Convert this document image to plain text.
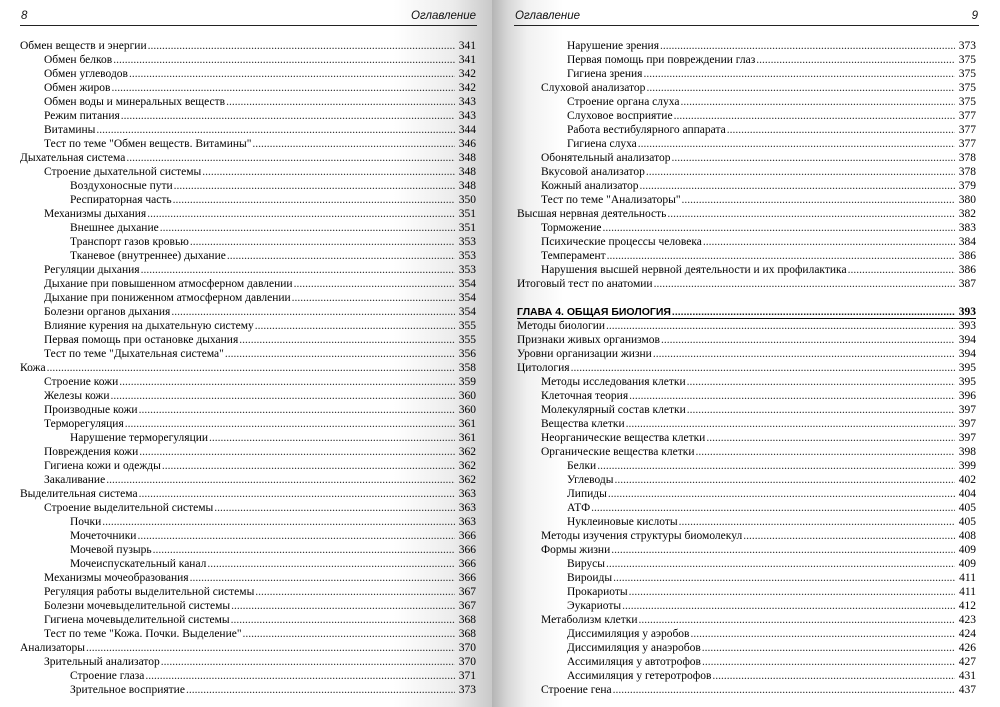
8	Оглавление
Обмен веществ и энергии .....	341
Обмен белков .....	341
Обмен углеводов .....	342
Обмен жиров .....	342
Обмен воды и минеральных веществ .....	343
Режим питания .....	343
Витамины .....	344
Тест по теме "Обмен веществ. Витамины" .....	346
Дыхательная система .....	348
Строение дыхательной системы .....	348
Воздухоносные пути .....	348
Респираторная часть .....	350
Механизмы дыхания .....	351
Внешнее дыхание .....	351
Транспорт газов кровью .....	353
Тканевое (внутреннее) дыхание .....	353
Регуляции дыхания .....	353
Дыхание при повышенном атмосферном давлении .....	354
Дыхание при пониженном атмосферном давлении .....	354
Болезни органов дыхания .....	354
Влияние курения на дыхательную систему .....	355
Первая помощь при остановке дыхания .....	355
Тест по теме "Дыхательная система" .....	356
Кожа .....	358
Строение кожи .....	359
Железы кожи .....	360
Производные кожи .....	360
Терморегуляция .....	361
Нарушение терморегуляции .....	361
Повреждения кожи .....	362
Гигиена кожи и одежды .....	362
Закаливание .....	362
Выделительная система .....	363
Строение выделительной системы .....	363
Почки .....	363
Мочеточники .....	366
Мочевой пузырь .....	366
Мочеиспускательный канал .....	366
Механизмы мочеобразования .....	366
Регуляция работы выделительной системы .....	367
Болезни мочевыделительной системы .....	367
Гигиена мочевыделительной системы .....	368
Тест по теме "Кожа. Почки. Выделение" .....	368
Анализаторы .....	370
Зрительный анализатор .....	370
Строение глаза .....	371
Зрительное восприятие .....	373
Оглавление	9
Нарушение зрения .....	373
Первая помощь при повреждении глаз .....	375
Гигиена зрения .....	375
Слуховой анализатор .....	375
Строение органа слуха .....	375
Слуховое восприятие .....	377
Работа вестибулярного аппарата .....	377
Гигиена слуха .....	377
Обонятельный анализатор .....	378
Вкусовой анализатор .....	378
Кожный анализатор .....	379
Тест по теме "Анализаторы" .....	380
Высшая нервная деятельность .....	382
Торможение .....	383
Психические процессы человека .....	384
Темперамент .....	386
Нарушения высшей нервной деятельности и их профилактика .....	386
Итоговый тест по анатомии .....	387
ГЛАВА 4. ОБЩАЯ БИОЛОГИЯ .....	393
Методы биологии .....	393
Признаки живых организмов .....	394
Уровни организации жизни .....	394
Цитология .....	395
Методы исследования клетки .....	395
Клеточная теория .....	396
Молекулярный состав клетки .....	397
Вещества клетки .....	397
Неорганические вещества клетки .....	397
Органические вещества клетки .....	398
Белки .....	399
Углеводы .....	402
Липиды .....	404
АТФ .....	405
Нуклеиновые кислоты .....	405
Методы изучения структуры биомолекул .....	408
Формы жизни .....	409
Вирусы .....	409
Вироиды .....	411
Прокариоты .....	411
Эукариоты .....	412
Метаболизм клетки .....	423
Диссимиляция у аэробов .....	424
Диссимиляция у анаэробов .....	426
Ассимиляция у автотрофов .....	427
Ассимиляция у гетеротрофов .....	431
Строение гена .....	437
